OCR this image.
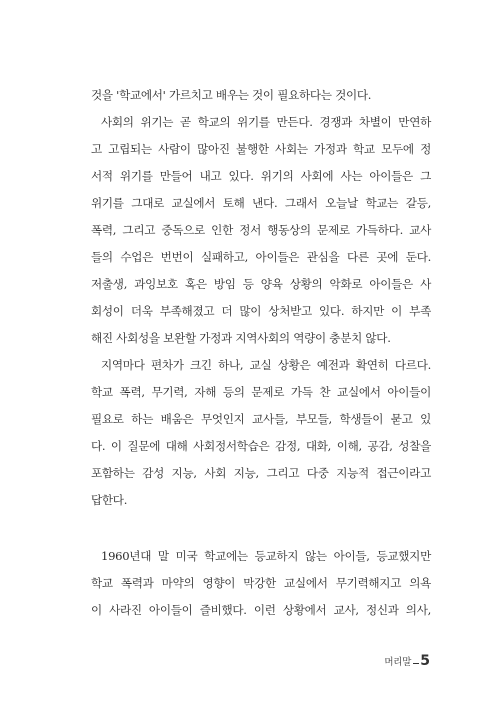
것을 '학교에서' 가르치고 배우는 것이 필요하다는 것이다.

사회의 위기는 곧 학교의 위기를 만든다. 경쟁과 차별이 만연하
고 고립되는 사람이 많아진 불행한 사회는 가정과 학교 모두에 정
서적 위기를 만들어 내고 있다. 위기의 사회에 사는 아이들은 그
위기를 그대로 교실에서 토해 낸다. 그래서 오늘날 학교는 갈등,
폭력, 그리고 중독으로 인한 정서 행동상의 문제로 가득하다. 교사
들의 수업은 번번이 실패하고, 아이들은 관심을 다른 곳에 둔다.
저출생, 과잉보호 혹은 방임 등 양육 상황의 악화로 아이들은 사
회성이 더욱 부족해졌고 더 많이 상처받고 있다. 하지만 이 부족
해진 사회성을 보완할 가정과 지역사회의 역량이 충분치 않다.

지역마다 편차가 크긴 하나, 교실 상황은 예전과 확연히 다르다.
학교 폭력, 무기력, 자해 등의 문제로 가득 찬 교실에서 아이들이
필요로 하는 배움은 무엇인지 교사들, 부모들, 학생들이 묻고 있
다. 이 질문에 대해 사회정서학습은 감정, 대화, 이해, 공감, 성찰을
포함하는 감성 지능, 사회 지능, 그리고 다중 지능적 접근이라고
답한다.

1960년대 말 미국 학교에는 등교하지 않는 아이들, 등교했지만
학교 폭력과 마약의 영향이 막강한 교실에서 무기력해지고 의욕
이 사라진 아이들이 즐비했다. 이런 상황에서 교사, 정신과 의사,

머리말 5
